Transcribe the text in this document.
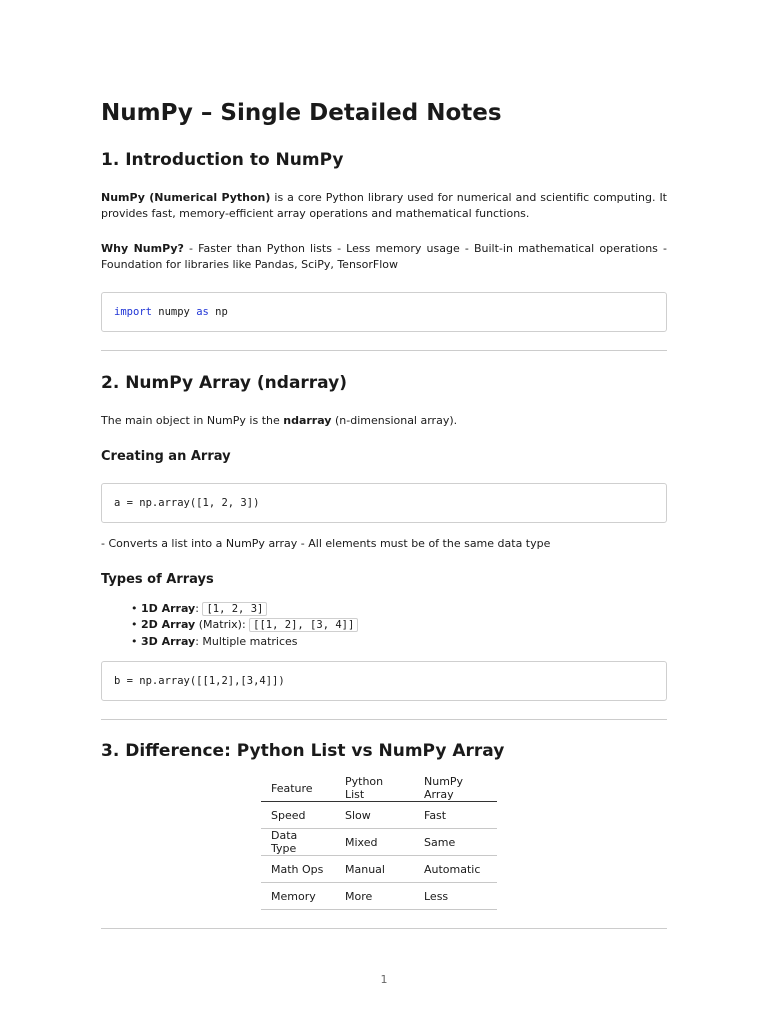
NumPy – Single Detailed Notes
1. Introduction to NumPy

NumPy (Numerical Python) is a core Python library used for numerical and scientific computing. It provides fast, memory-efficient array operations and mathematical functions.

Why NumPy? - Faster than Python lists - Less memory usage - Built-in mathematical operations - Foundation for libraries like Pandas, SciPy, TensorFlow

import numpy as np
2. NumPy Array (ndarray)

The main object in NumPy is the ndarray (n-dimensional array).

Creating an Array
a = np.array([1, 2, 3])

- Converts a list into a NumPy array - All elements must be of the same data type

Types of Arrays
• 1D Array: [1, 2, 3]
• 2D Array (Matrix): [[1, 2], [3, 4]]
• 3D Array: Multiple matrices
b = np.array([[1,2],[3,4]])
3. Difference: Python List vs NumPy Array
Feature	Python List	NumPy Array
Speed	Slow	Fast
Data Type	Mixed	Same
Math Ops	Manual	Automatic
Memory	More	Less
1
